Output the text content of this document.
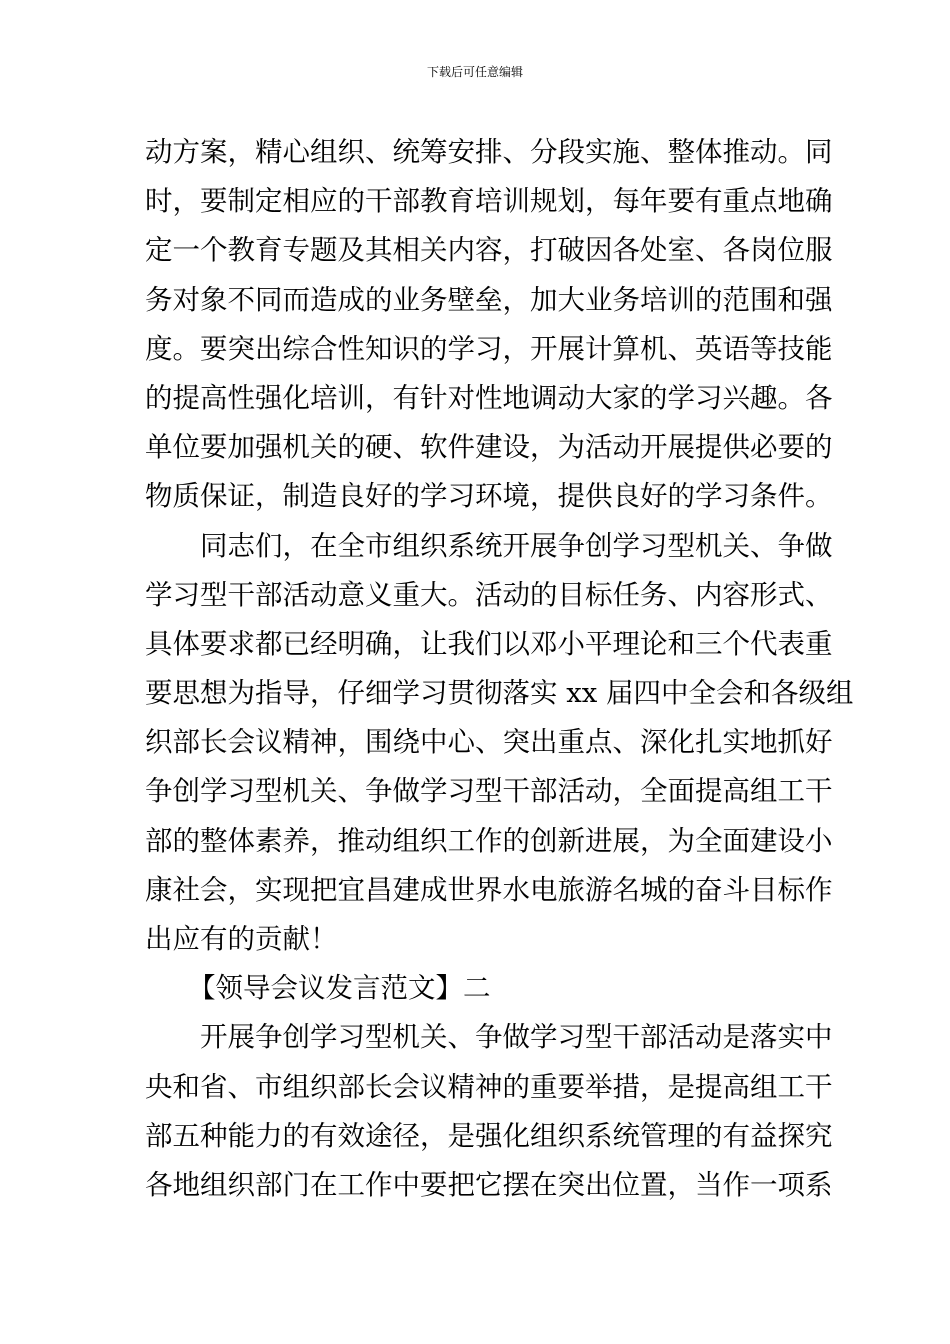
下载后可任意编辑
动方案，精心组织、统筹安排、分段实施、整体推动。同
时，要制定相应的干部教育培训规划，每年要有重点地确
定一个教育专题及其相关内容，打破因各处室、各岗位服
务对象不同而造成的业务壁垒，加大业务培训的范围和强
度。要突出综合性知识的学习，开展计算机、英语等技能
的提高性强化培训，有针对性地调动大家的学习兴趣。各
单位要加强机关的硬、软件建设，为活动开展提供必要的
物质保证，制造良好的学习环境，提供良好的学习条件。
同志们，在全市组织系统开展争创学习型机关、争做
学习型干部活动意义重大。活动的目标任务、内容形式、
具体要求都已经明确，让我们以邓小平理论和三个代表重
要思想为指导，仔细学习贯彻落实 xx 届四中全会和各级组
织部长会议精神，围绕中心、突出重点、深化扎实地抓好
争创学习型机关、争做学习型干部活动，全面提高组工干
部的整体素养，推动组织工作的创新进展，为全面建设小
康社会，实现把宜昌建成世界水电旅游名城的奋斗目标作
出应有的贡献！
【领导会议发言范文】二
开展争创学习型机关、争做学习型干部活动是落实中
央和省、市组织部长会议精神的重要举措，是提高组工干
部五种能力的有效途径，是强化组织系统管理的有益探究
各地组织部门在工作中要把它摆在突出位置，当作一项系
